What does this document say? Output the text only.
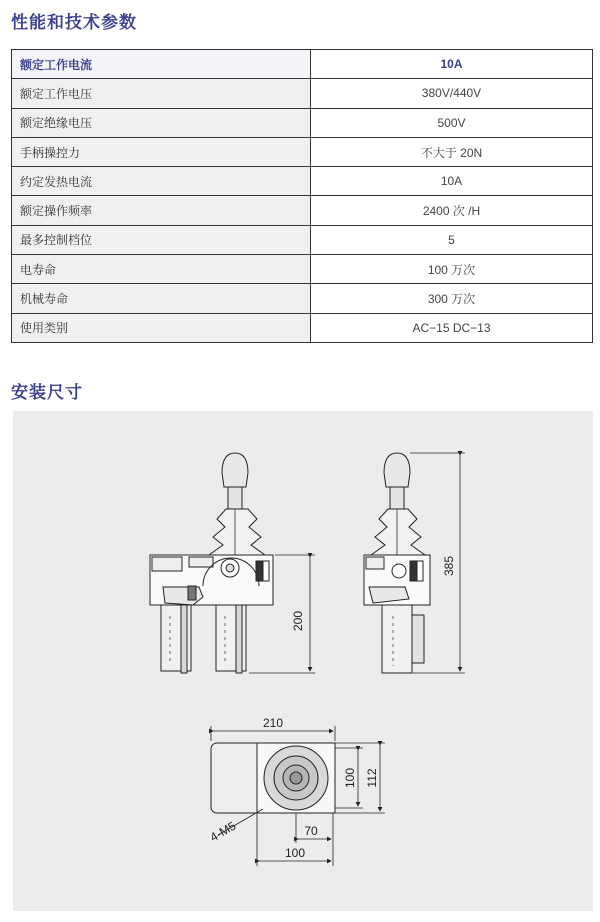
性能和技术参数
额定工作电流	10A
额定工作电压	380V/440V
额定绝缘电压	500V
手柄操控力	不大于 20N
约定发热电流	10A
额定操作频率	2400 次 /H
最多控制档位	5
电寿命	100 万次
机械寿命	300 万次
使用类别	AC−15 DC−13
安装尺寸
200
385
210
100 112
70
100
4-M5
